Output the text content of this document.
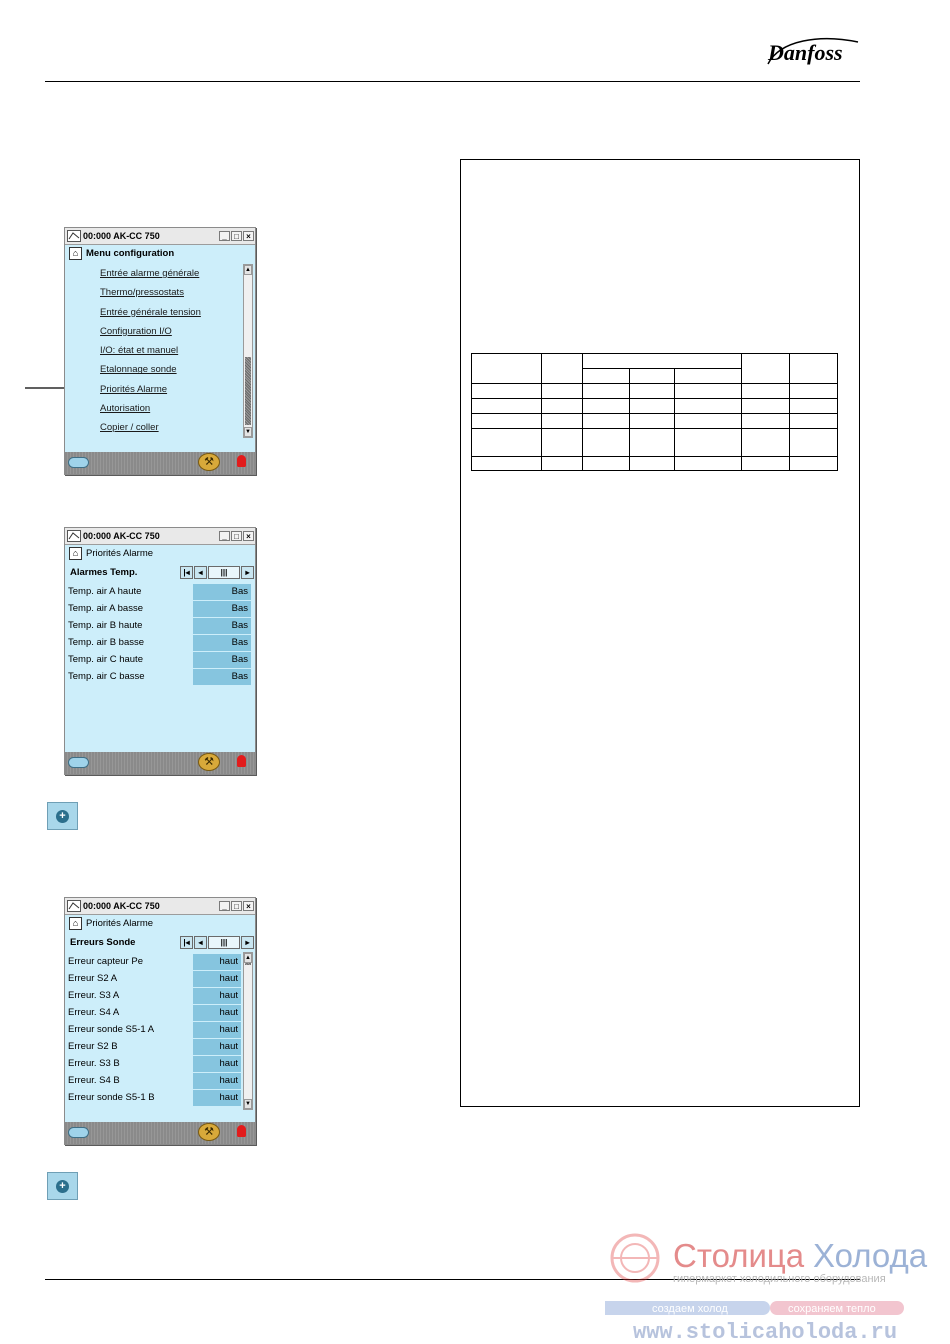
Danfoss
00:000 AK-CC 750	_ □ ×
⌂ Menu configuration
Entrée alarme générale
Thermo/pressostats
Entrée générale tension
Configuration I/O
I/O: état et manuel
Etalonnage sonde
Priorités Alarme
Autorisation
Copier / coller
▲
▼
⚒
00:000 AK-CC 750	_ □ ×
⌂ Priorités Alarme
Alarmes Temp.	|◂	◂	|||	▸
Temp. air A haute	Bas
Temp. air A basse	Bas
Temp. air B haute	Bas
Temp. air B basse	Bas
Temp. air C haute	Bas
Temp. air C basse	Bas
⚒
+
00:000 AK-CC 750	_ □ ×
⌂ Priorités Alarme
Erreurs Sonde	|◂	◂	|||	▸
Erreur capteur Pe	haut
Erreur S2 A	haut
Erreur. S3 A	haut
Erreur. S4 A	haut
Erreur sonde S5-1 A	haut
Erreur S2 B	haut
Erreur. S3 B	haut
Erreur. S4 B	haut
Erreur sonde S5-1 B	haut
▲
▼
⚒
+

Столица Холода
гипермаркет холодильного оборудования
создаем холод	сохраняем тепло
www.stolicaholoda.ru
